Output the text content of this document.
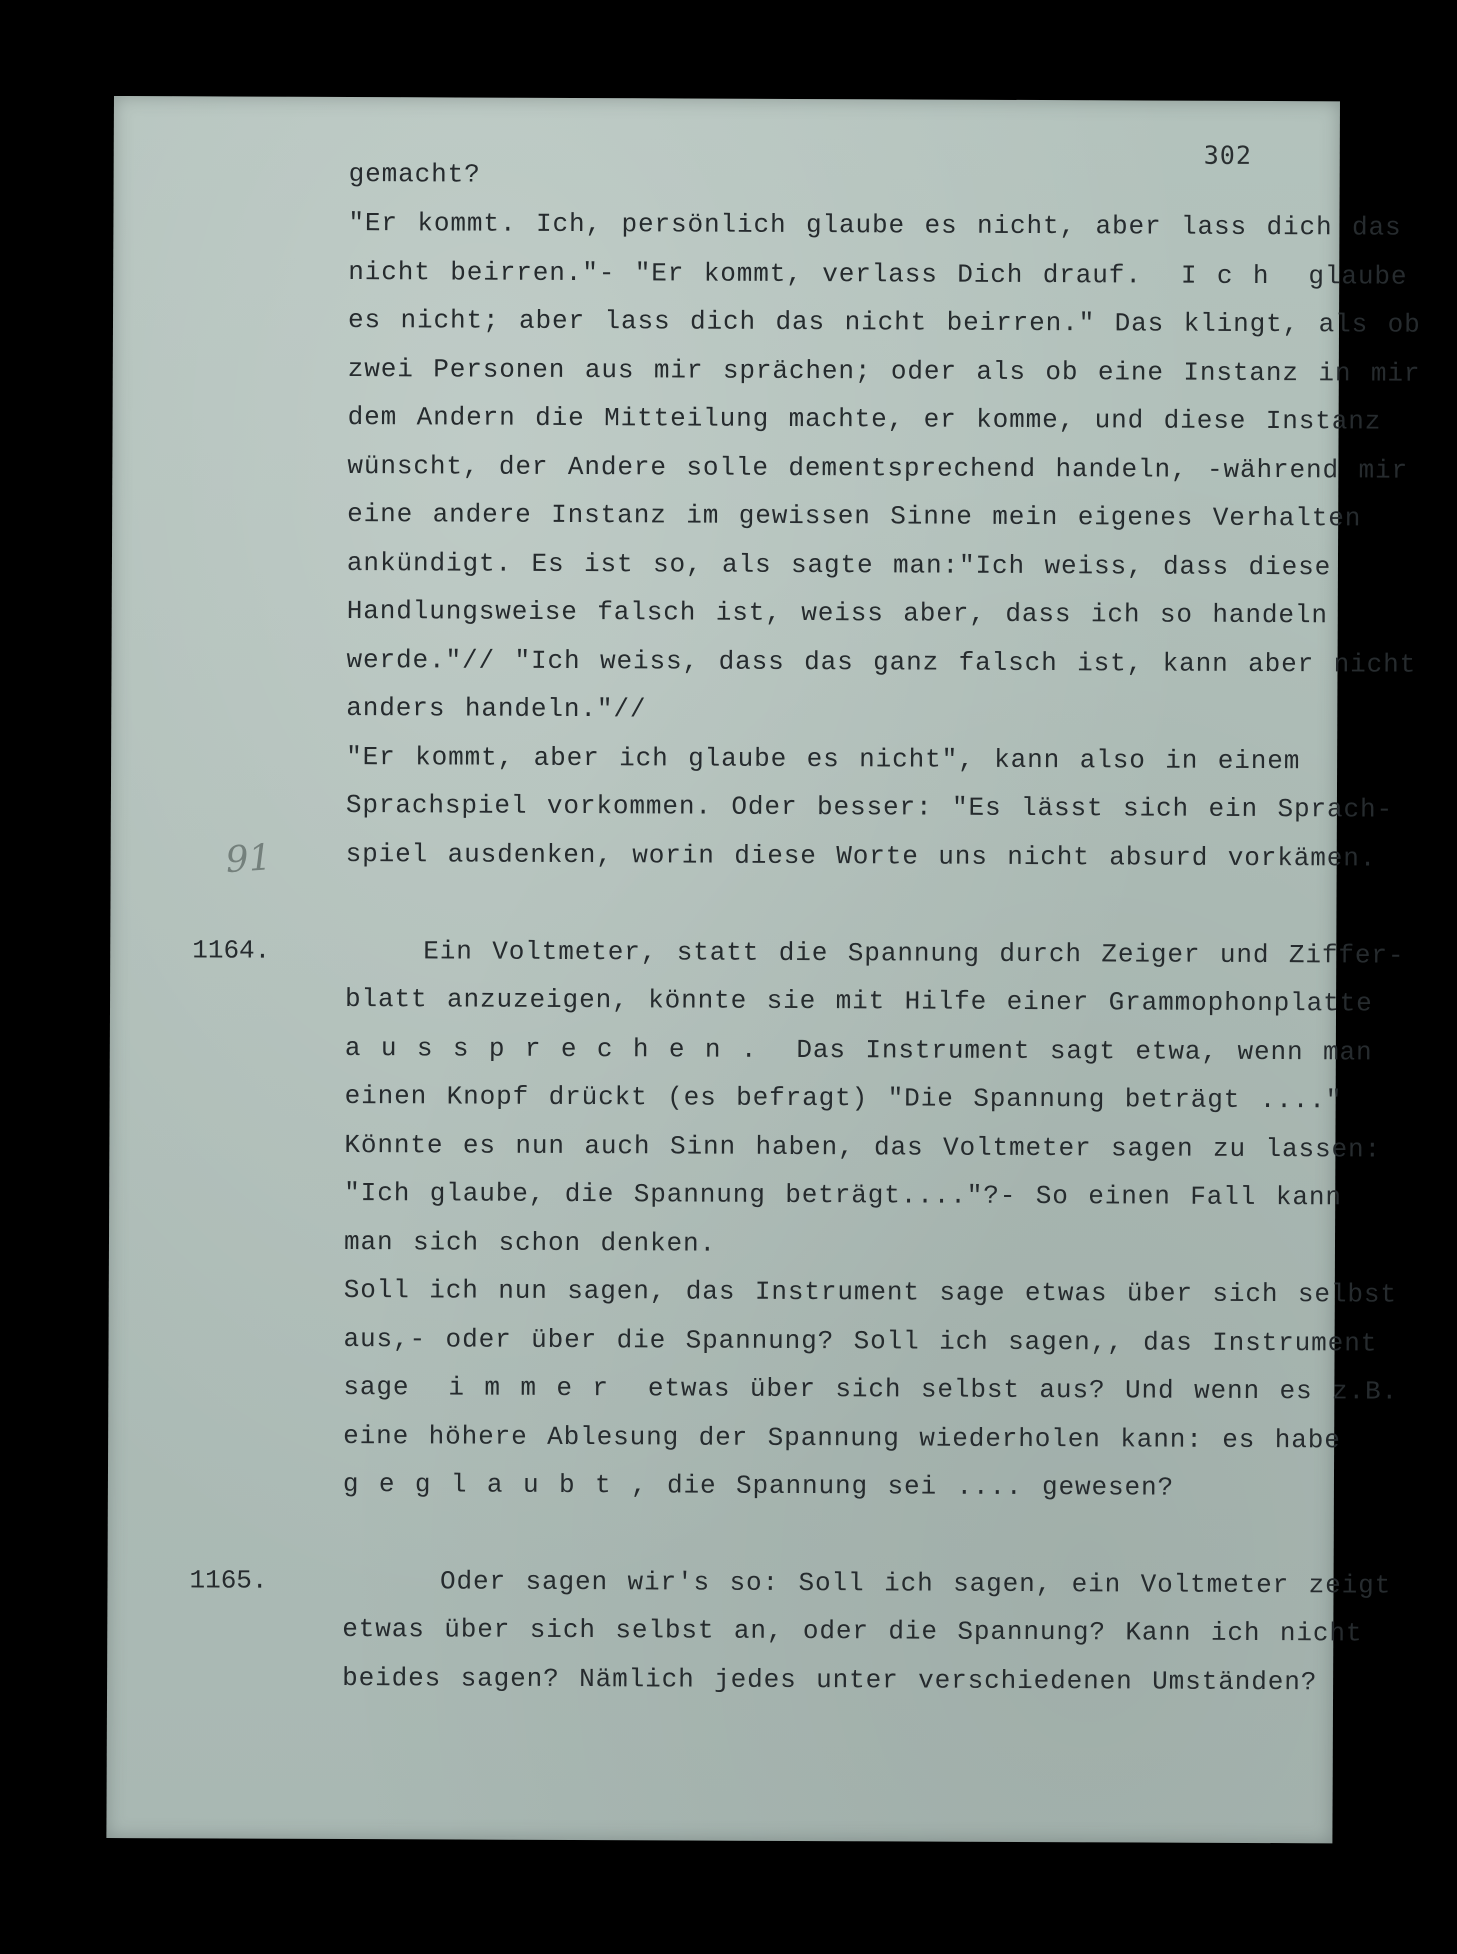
302
91
gemacht?
"Er kommt. Ich, persönlich glaube es nicht, aber lass dich das
nicht beirren."- "Er kommt, verlass Dich drauf.  I c h  glaube
es nicht; aber lass dich das nicht beirren." Das klingt, als ob
zwei Personen aus mir sprächen; oder als ob eine Instanz in mir
dem Andern die Mitteilung machte, er komme, und diese Instanz
wünscht, der Andere solle dementsprechend handeln, -während mir
eine andere Instanz im gewissen Sinne mein eigenes Verhalten
ankündigt. Es ist so, als sagte man:"Ich weiss, dass diese
Handlungsweise falsch ist, weiss aber, dass ich so handeln
werde."// "Ich weiss, dass das ganz falsch ist, kann aber nicht
anders handeln."//
"Er kommt, aber ich glaube es nicht", kann also in einem
Sprachspiel vorkommen. Oder besser: "Es lässt sich ein Sprach-
spiel ausdenken, worin diese Worte uns nicht absurd vorkämen.
1164.	Ein Voltmeter, statt die Spannung durch Zeiger und Ziffer-
blatt anzuzeigen, könnte sie mit Hilfe einer Grammophonplatte
a u s s p r e c h e n .  Das Instrument sagt etwa, wenn man
einen Knopf drückt (es befragt) "Die Spannung beträgt ...."
Könnte es nun auch Sinn haben, das Voltmeter sagen zu lassen:
"Ich glaube, die Spannung beträgt...."?- So einen Fall kann
man sich schon denken.
Soll ich nun sagen, das Instrument sage etwas über sich selbst
aus,- oder über die Spannung? Soll ich sagen,, das Instrument
sage  i m m e r  etwas über sich selbst aus? Und wenn es z.B.
eine höhere Ablesung der Spannung wiederholen kann: es habe
g e g l a u b t , die Spannung sei .... gewesen?
1165.	Oder sagen wir's so: Soll ich sagen, ein Voltmeter zeigt
etwas über sich selbst an, oder die Spannung? Kann ich nicht
beides sagen? Nämlich jedes unter verschiedenen Umständen?
